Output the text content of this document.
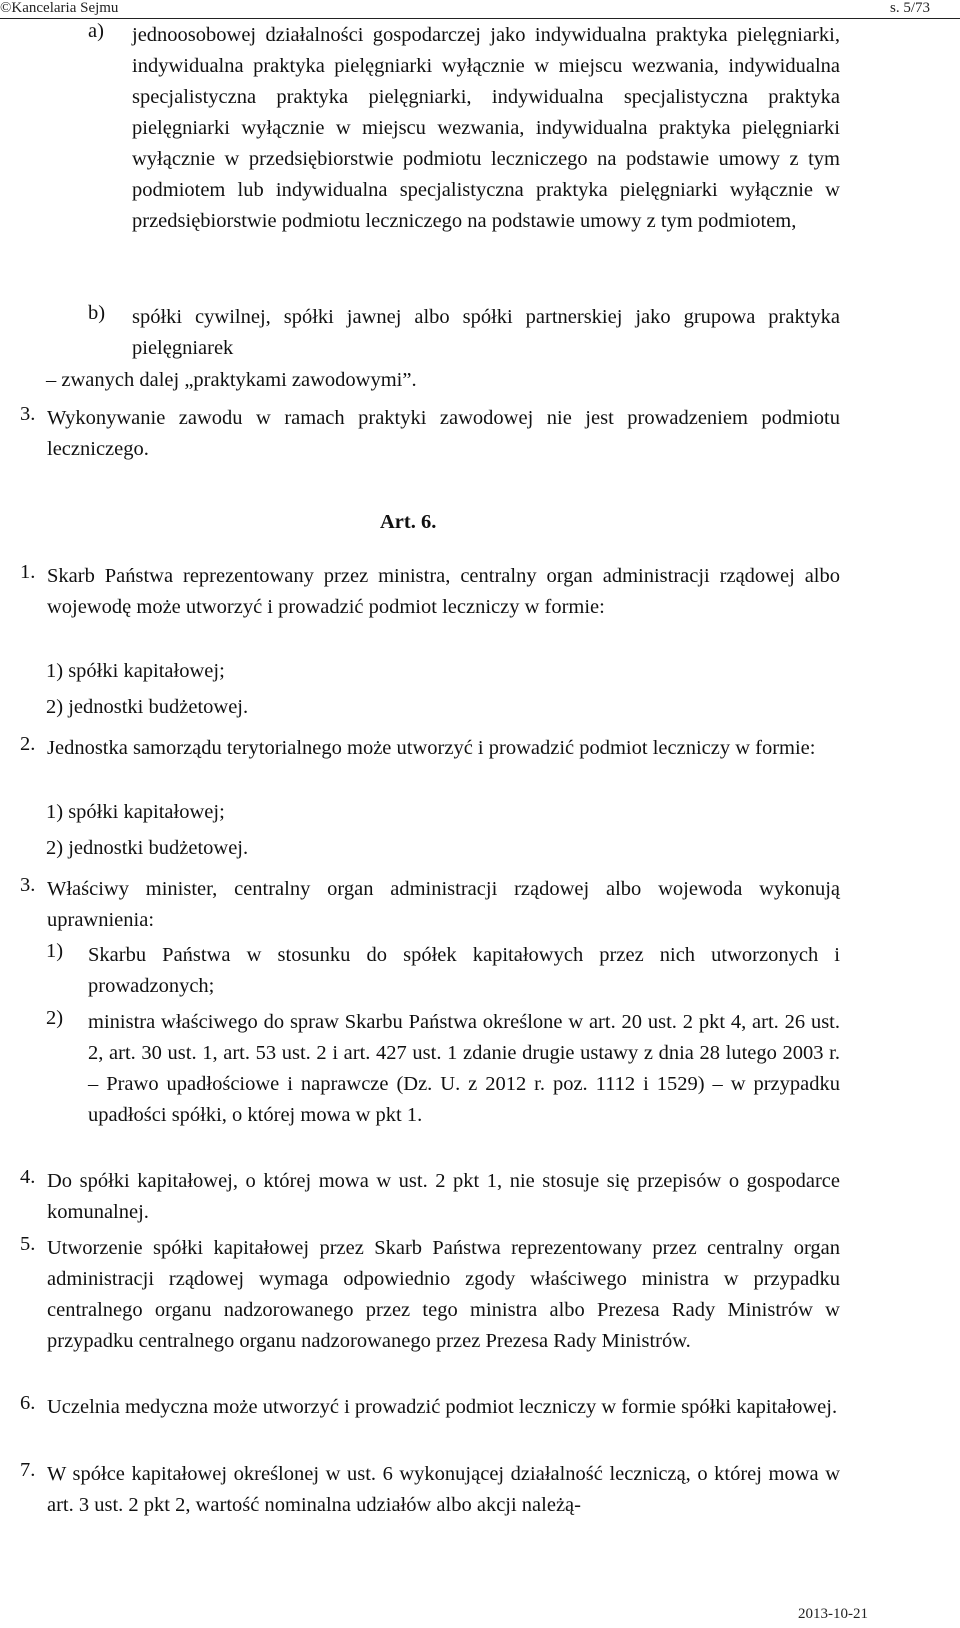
©Kancelaria Sejmu	s. 5/73
a) jednoosobowej działalności gospodarczej jako indywidualna praktyka pielęgniarki, indywidualna praktyka pielęgniarki wyłącznie w miejscu wezwania, indywidualna specjalistyczna praktyka pielęgniarki, indywidualna specjalistyczna praktyka pielęgniarki wyłącznie w miejscu wezwania, indywidualna praktyka pielęgniarki wyłącznie w przedsiębiorstwie podmiotu leczniczego na podstawie umowy z tym podmiotem lub indywidualna specjalistyczna praktyka pielęgniarki wyłącznie w przedsiębiorstwie podmiotu leczniczego na podstawie umowy z tym podmiotem,
b) spółki cywilnej, spółki jawnej albo spółki partnerskiej jako grupowa praktyka pielęgniarek
– zwanych dalej „praktykami zawodowymi”.
3. Wykonywanie zawodu w ramach praktyki zawodowej nie jest prowadzeniem podmiotu leczniczego.
Art. 6.
1. Skarb Państwa reprezentowany przez ministra, centralny organ administracji rządowej albo wojewodę może utworzyć i prowadzić podmiot leczniczy w formie:
1) spółki kapitałowej;
2) jednostki budżetowej.
2. Jednostka samorządu terytorialnego może utworzyć i prowadzić podmiot leczniczy w formie:
1) spółki kapitałowej;
2) jednostki budżetowej.
3. Właściwy minister, centralny organ administracji rządowej albo wojewoda wykonują uprawnienia:
1) Skarbu Państwa w stosunku do spółek kapitałowych przez nich utworzonych i prowadzonych;
2) ministra właściwego do spraw Skarbu Państwa określone w art. 20 ust. 2 pkt 4, art. 26 ust. 2, art. 30 ust. 1, art. 53 ust. 2 i art. 427 ust. 1 zdanie drugie ustawy z dnia 28 lutego 2003 r. – Prawo upadłościowe i naprawcze (Dz. U. z 2012 r. poz. 1112 i 1529) – w przypadku upadłości spółki, o której mowa w pkt 1.
4. Do spółki kapitałowej, o której mowa w ust. 2 pkt 1, nie stosuje się przepisów o gospodarce komunalnej.
5. Utworzenie spółki kapitałowej przez Skarb Państwa reprezentowany przez centralny organ administracji rządowej wymaga odpowiednio zgody właściwego ministra w przypadku centralnego organu nadzorowanego przez tego ministra albo Prezesa Rady Ministrów w przypadku centralnego organu nadzorowanego przez Prezesa Rady Ministrów.
6. Uczelnia medyczna może utworzyć i prowadzić podmiot leczniczy w formie spółki kapitałowej.
7. W spółce kapitałowej określonej w ust. 6 wykonującej działalność leczniczą, o której mowa w art. 3 ust. 2 pkt 2, wartość nominalna udziałów albo akcji należą-
2013-10-21
